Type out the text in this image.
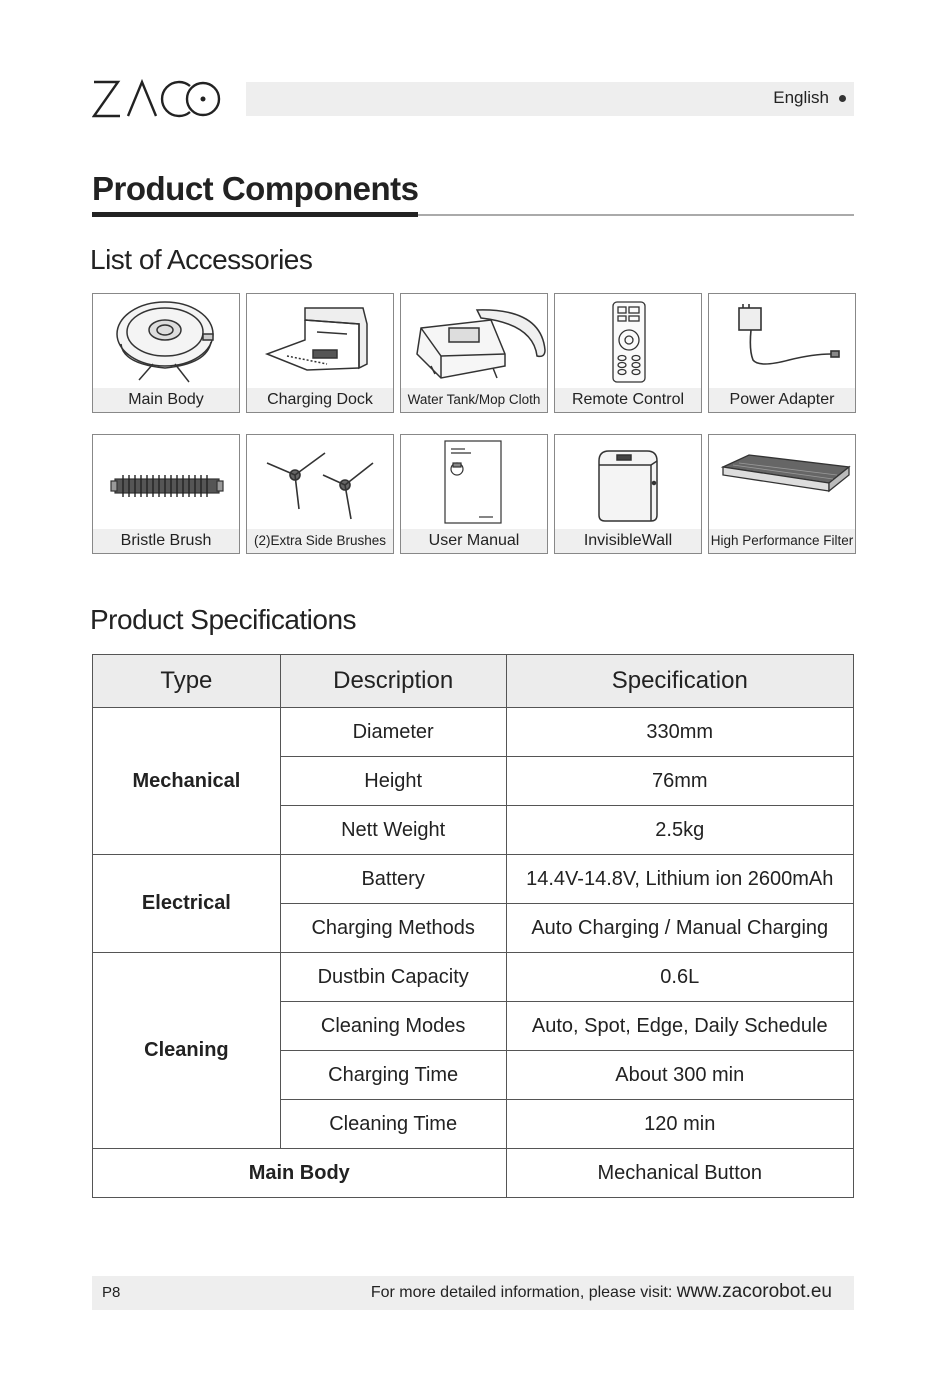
English
Product Components
List of Accessories
Main Body	Charging Dock	Water Tank/Mop Cloth	Remote Control	Power Adapter
Bristle Brush	(2)Extra Side Brushes	User Manual	InvisibleWall	High Performance Filter
Product Specifications
Type	Description	Specification
Mechanical	Diameter	330mm
	Height	76mm
	Nett Weight	2.5kg
Electrical	Battery	14.4V-14.8V, Lithium ion 2600mAh
	Charging Methods	Auto Charging / Manual Charging
Cleaning	Dustbin Capacity	0.6L
	Cleaning Modes	Auto, Spot, Edge, Daily Schedule
	Charging Time	About 300 min
	Cleaning Time	120 min
Main Body		Mechanical Button
P8	For more detailed information, please visit: www.zacorobot.eu
